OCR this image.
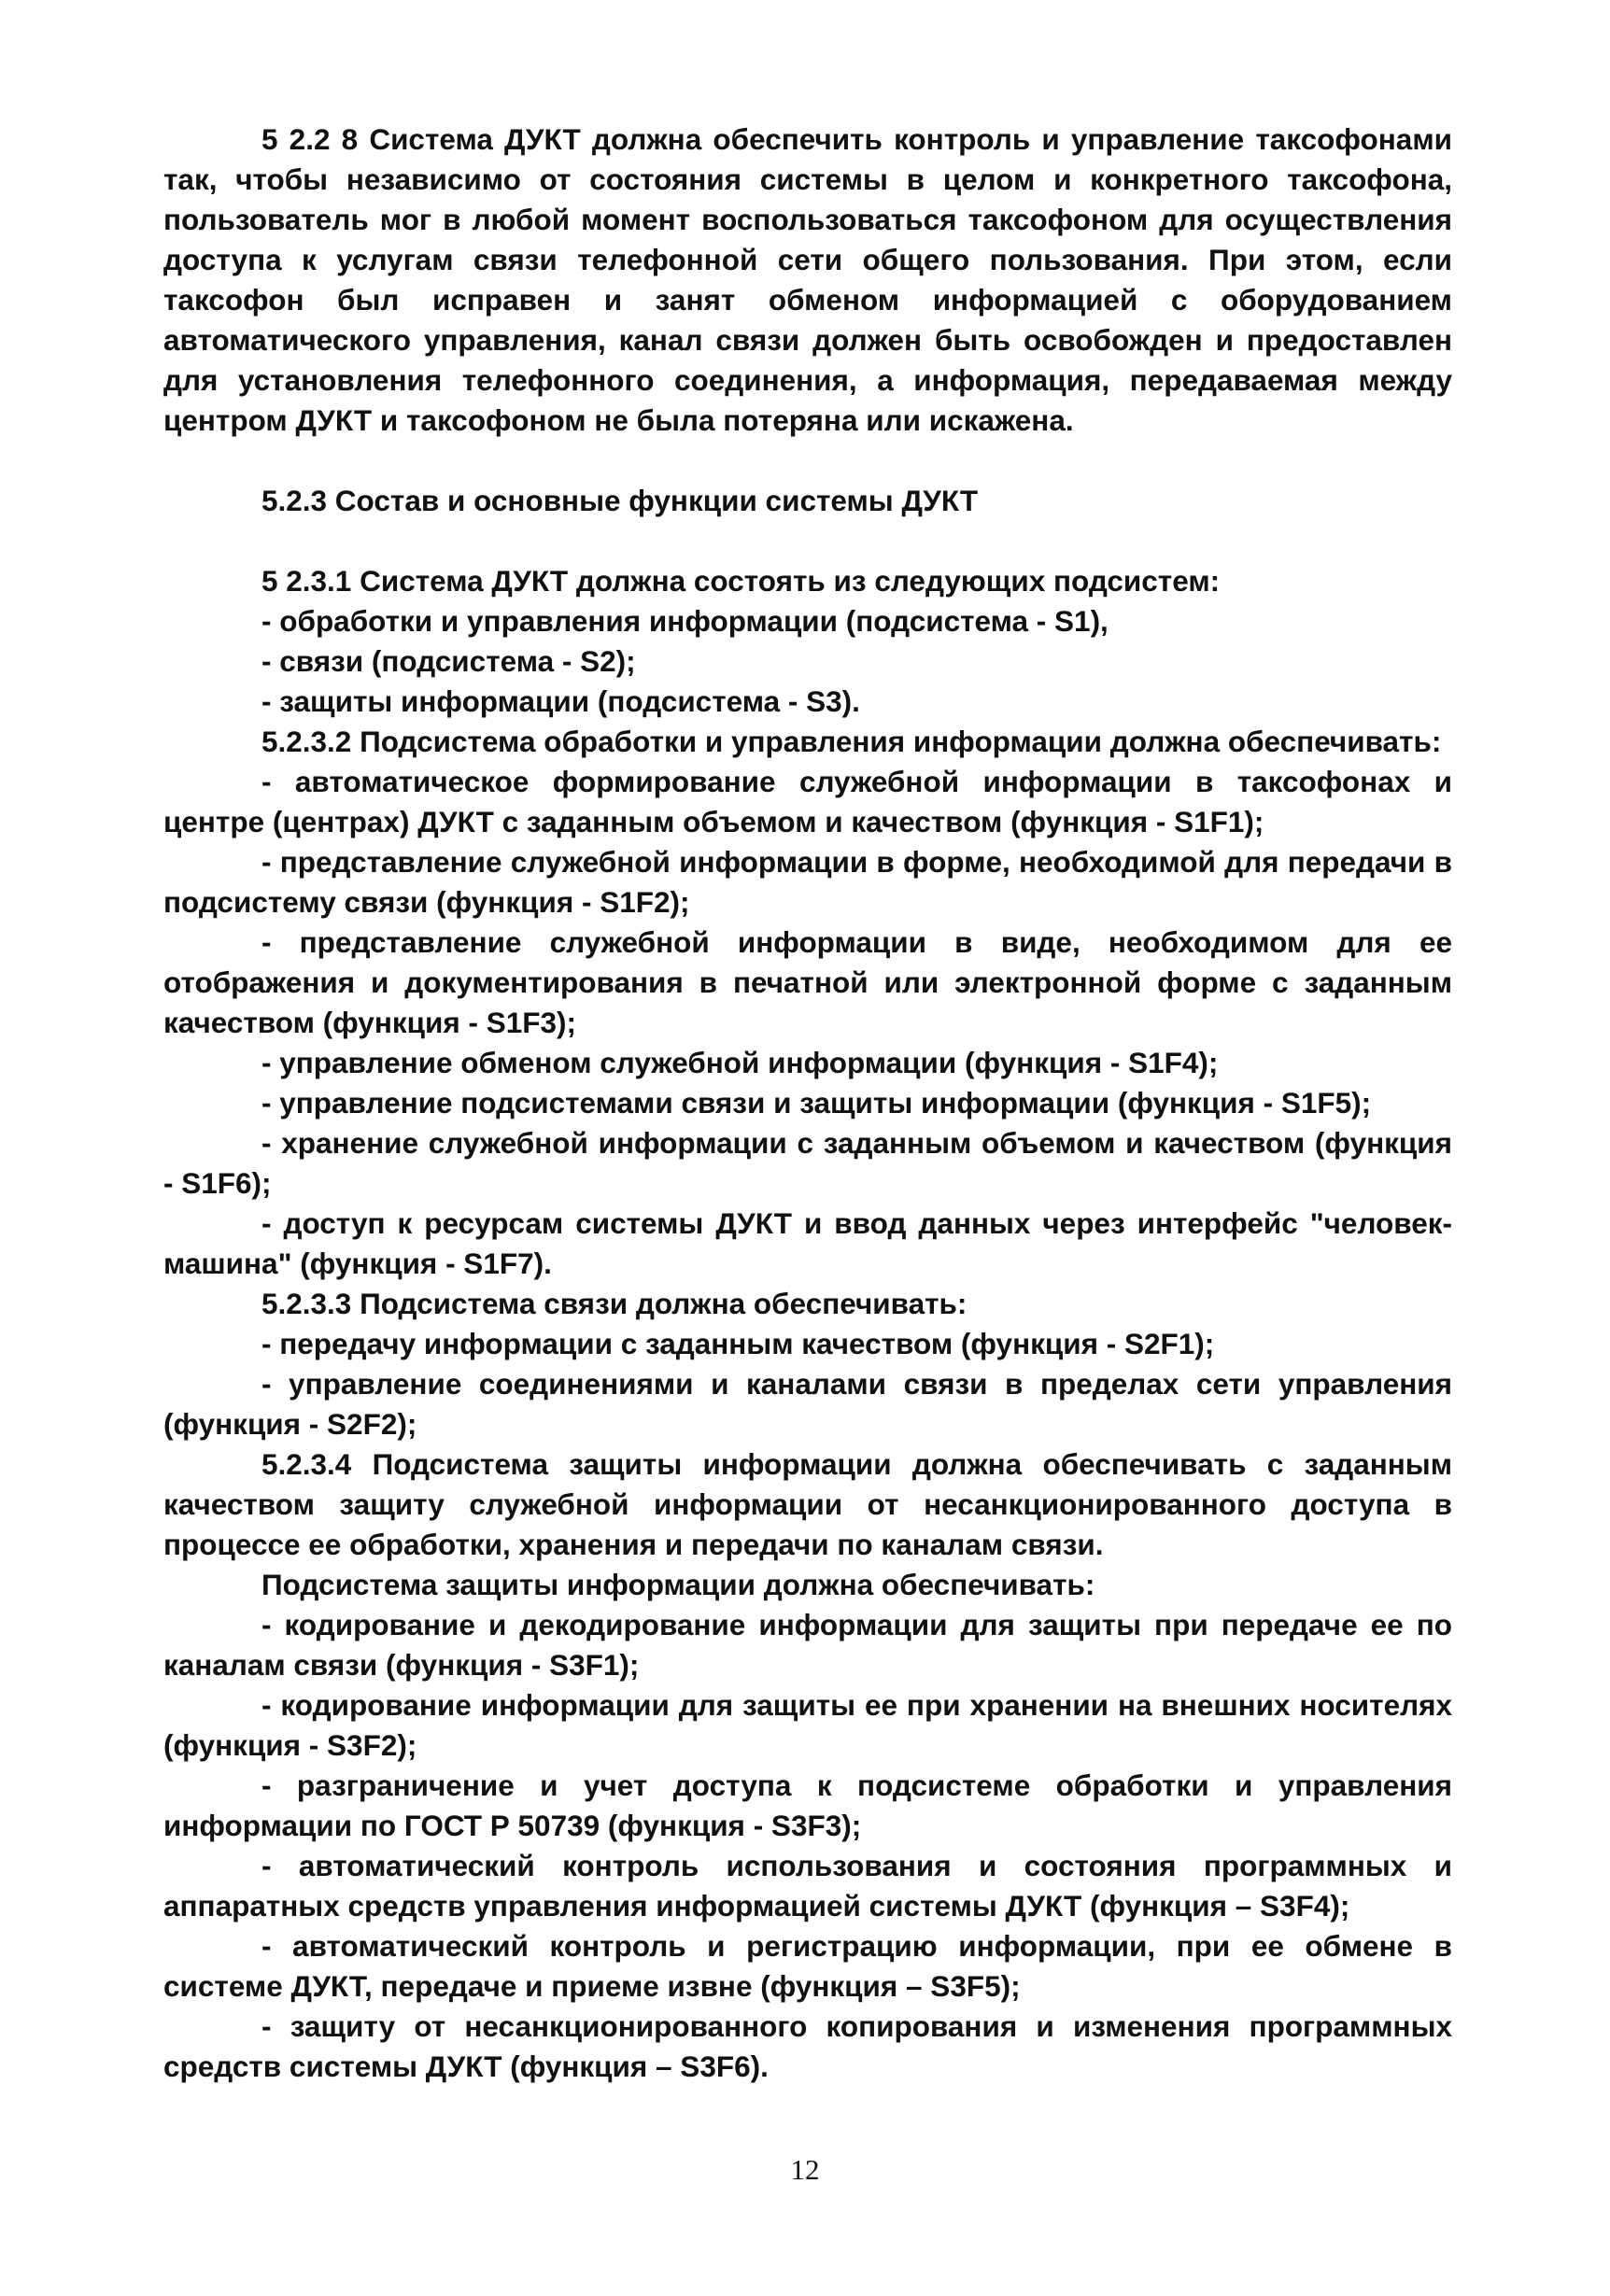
5 2.2 8 Система ДУКТ должна обеспечить контроль и управление таксофонами так, чтобы независимо от состояния системы в целом и конкретного таксофона, пользователь мог в любой момент воспользоваться таксофоном для осуществления доступа к услугам связи телефонной сети общего пользования. При этом, если таксофон был исправен и занят обменом информацией с оборудованием автоматического управления, канал связи должен быть освобожден и предоставлен для установления телефонного соединения, а информация, передаваемая между центром ДУКТ и таксофоном не была потеряна или искажена.

5.2.3 Состав и основные функции системы ДУКТ

5 2.3.1 Система ДУКТ должна состоять из следующих подсистем:

- обработки и управления информации (подсистема - S1),

- связи (подсистема - S2);

- защиты информации (подсистема - S3).

5.2.3.2 Подсистема обработки и управления информации должна обеспечивать:

- автоматическое формирование служебной информации в таксофонах и центре (центрах) ДУКТ с заданным объемом и качеством (функция - S1F1);

- представление служебной информации в форме, необходимой для передачи в подсистему связи (функция - S1F2);

- представление служебной информации в виде, необходимом для ее отображения и документирования в печатной или электронной форме с заданным качеством (функция - S1F3);

- управление обменом служебной информации (функция - S1F4);

- управление подсистемами связи и защиты информации (функция - S1F5);

- хранение служебной информации с заданным объемом и качеством (функция - S1F6);

- доступ к ресурсам системы ДУКТ и ввод данных через интерфейс "человек-машина" (функция - S1F7).

5.2.3.3 Подсистема связи должна обеспечивать:

- передачу информации с заданным качеством (функция - S2F1);

- управление соединениями и каналами связи в пределах сети управления (функция - S2F2);

5.2.3.4 Подсистема защиты информации должна обеспечивать с заданным качеством защиту служебной информации от несанкционированного доступа в процессе ее обработки, хранения и передачи по каналам связи.

Подсистема защиты информации должна обеспечивать:

- кодирование и декодирование информации для защиты при передаче ее по каналам связи (функция - S3F1);

- кодирование информации для защиты ее при хранении на внешних носителях (функция - S3F2);

- разграничение и учет доступа к подсистеме обработки и управления информации по ГОСТ Р 50739 (функция - S3F3);

- автоматический контроль использования и состояния программных и аппаратных средств управления информацией системы ДУКТ (функция – S3F4);

- автоматический контроль и регистрацию информации, при ее обмене в системе ДУКТ, передаче и приеме извне (функция – S3F5);

- защиту от несанкционированного копирования и изменения программных средств системы ДУКТ (функция – S3F6).

12
